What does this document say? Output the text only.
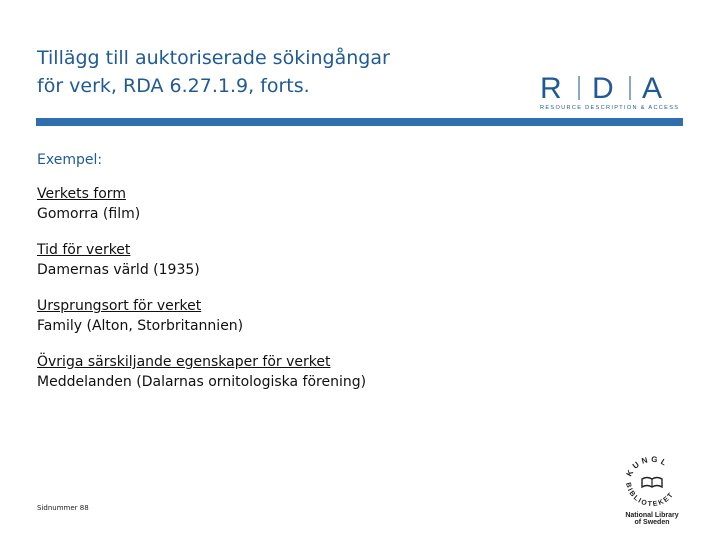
Tillägg till auktoriserade sökingångar
för verk, RDA 6.27.1.9, forts.	R D A
RESOURCE DESCRIPTION & ACCESS
Exempel:
Verkets form
Gomorra (film)
Tid för verket
Damernas värld (1935)
Ursprungsort för verket
Family (Alton, Storbritannien)
Övriga särskiljande egenskaper för verket
Meddelanden (Dalarnas ornitologiska förening)
Sidnummer 88
KUNGL
BIBLIOTEKET
National Library
of Sweden
